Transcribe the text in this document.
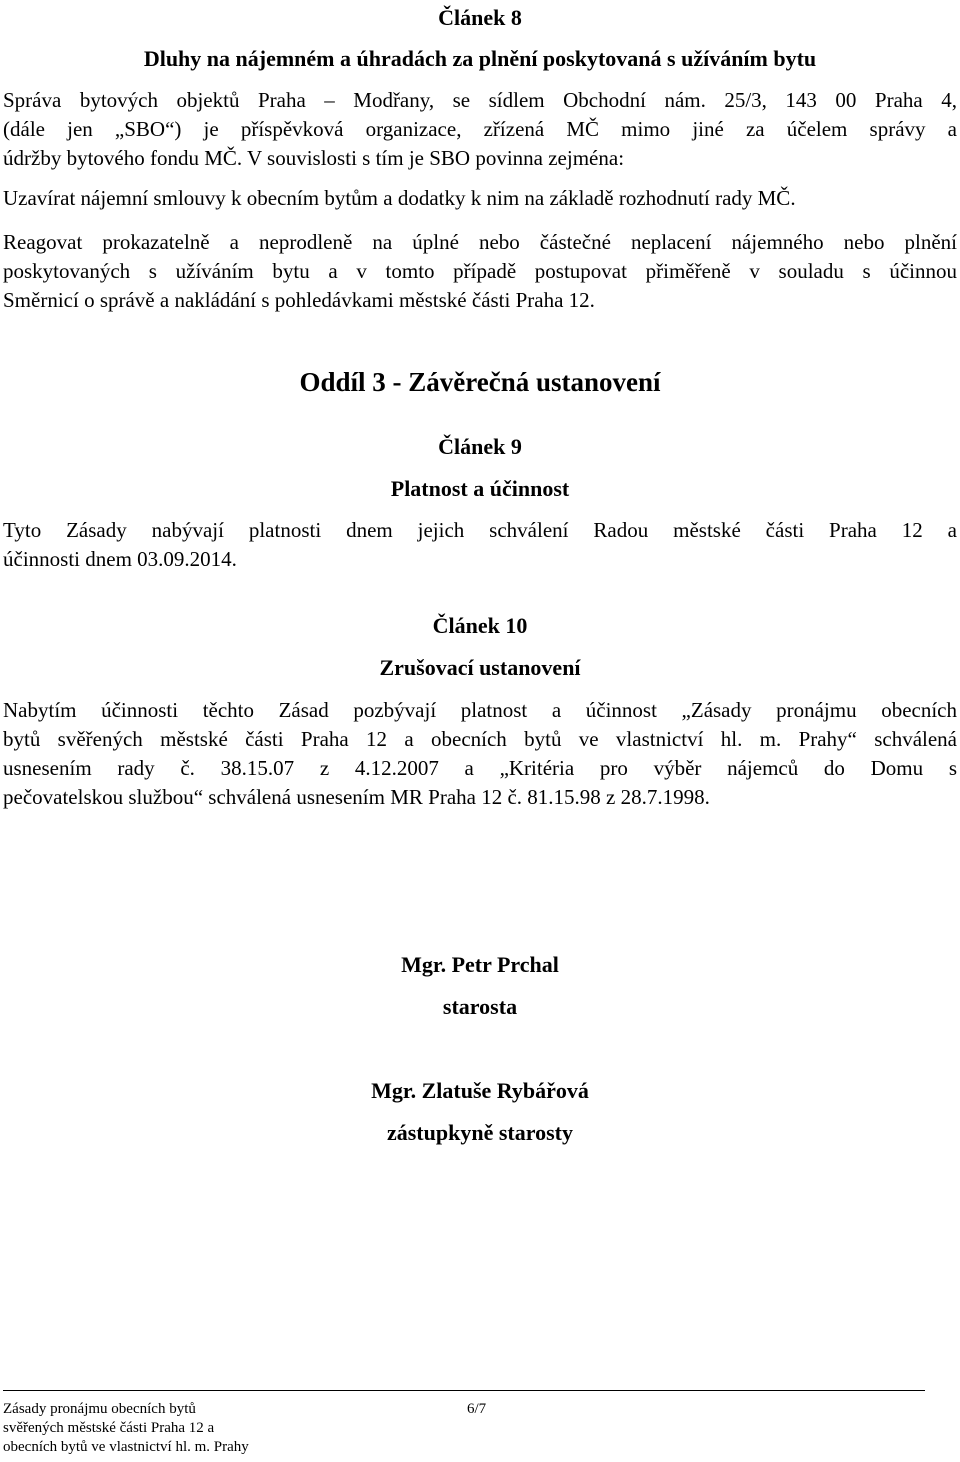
Článek 8
Dluhy na nájemném a úhradách za plnění poskytovaná s užíváním bytu
Správa bytových objektů Praha – Modřany, se sídlem Obchodní nám. 25/3, 143 00 Praha 4,
(dále jen „SBO“) je příspěvková organizace, zřízená MČ mimo jiné za účelem správy a
údržby bytového fondu MČ. V souvislosti s tím je SBO povinna zejména:
Uzavírat nájemní smlouvy k obecním bytům a dodatky k nim na základě rozhodnutí rady MČ.
Reagovat prokazatelně a neprodleně na úplné nebo částečné neplacení nájemného nebo plnění
poskytovaných s užíváním bytu a v tomto případě postupovat přiměřeně v souladu s účinnou
Směrnicí o správě a nakládání s pohledávkami městské části Praha 12.
Oddíl 3 - Závěrečná ustanovení
Článek 9
Platnost a účinnost
Tyto Zásady nabývají platnosti dnem jejich schválení Radou městské části Praha 12 a
účinnosti dnem 03.09.2014.
Článek 10
Zrušovací ustanovení
Nabytím účinnosti těchto Zásad pozbývají platnost a účinnost „Zásady pronájmu obecních
bytů svěřených městské části Praha 12 a obecních bytů ve vlastnictví hl. m. Prahy“ schválená
usnesením rady č. 38.15.07 z 4.12.2007 a „Kritéria pro výběr nájemců do Domu s
pečovatelskou službou“ schválená usnesením MR Praha 12 č. 81.15.98 z 28.7.1998.
Mgr. Petr Prchal
starosta
Mgr. Zlatuše Rybářová
zástupkyně starosty
Zásady pronájmu obecních bytů
svěřených městské části Praha 12 a
obecních bytů ve vlastnictví hl. m. Prahy
6/7
